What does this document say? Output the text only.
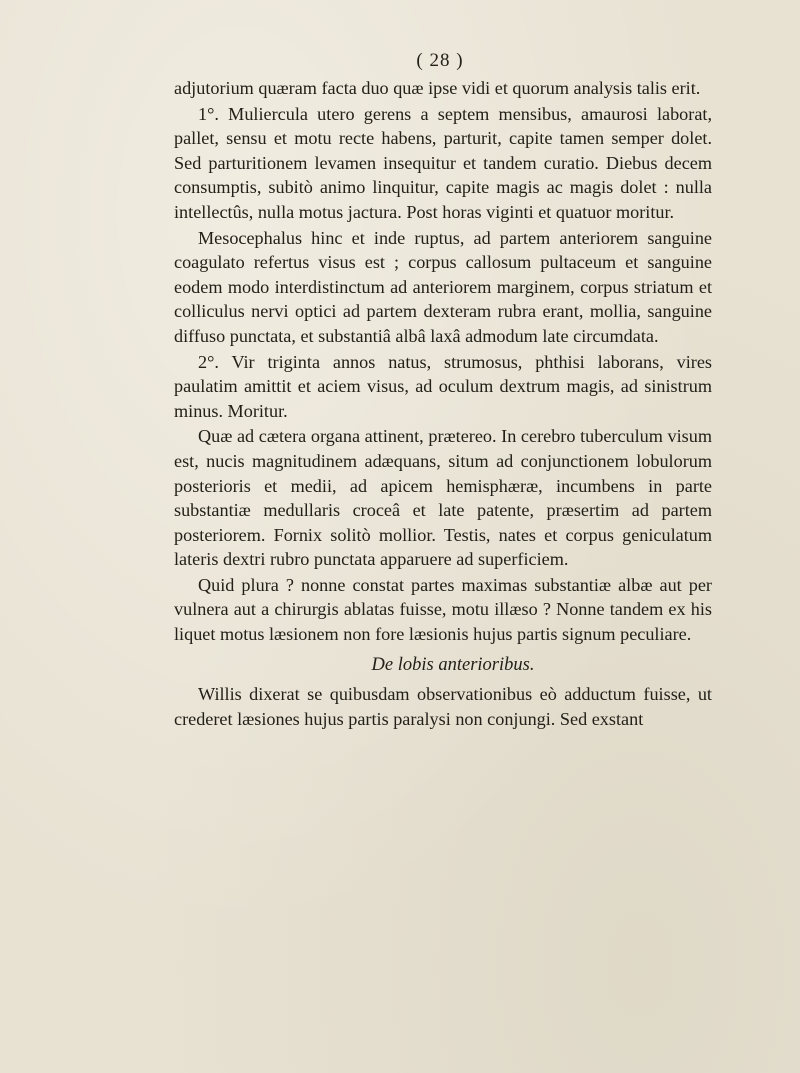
( 28 )

adjutorium quæram facta duo quæ ipse vidi et quorum analysis talis erit.

1°. Muliercula utero gerens a septem mensibus, amaurosi laborat, pallet, sensu et motu recte habens, parturit, capite tamen semper dolet. Sed parturitionem levamen insequitur et tandem curatio. Diebus decem consumptis, subitò animo linquitur, capite magis ac magis dolet : nulla intellectûs, nulla motus jactura. Post horas viginti et quatuor moritur.

Mesocephalus hinc et inde ruptus, ad partem anteriorem sanguine coagulato refertus visus est ; corpus callosum pultaceum et sanguine eodem modo interdistinctum ad anteriorem marginem, corpus striatum et colliculus nervi optici ad partem dexteram rubra erant, mollia, sanguine diffuso punctata, et substantiâ albâ laxâ admodum late circumdata.

2°. Vir triginta annos natus, strumosus, phthisi laborans, vires paulatim amittit et aciem visus, ad oculum dextrum magis, ad sinistrum minus. Moritur.

Quæ ad cætera organa attinent, prætereo. In cerebro tuberculum visum est, nucis magnitudinem adæquans, situm ad conjunctionem lobulorum posterioris et medii, ad apicem hemisphæræ, incumbens in parte substantiæ medullaris croceâ et late patente, præsertim ad partem posteriorem. Fornix solitò mollior. Testis, nates et corpus geniculatum lateris dextri rubro punctata apparuere ad superficiem.

Quid plura ? nonne constat partes maximas substantiæ albæ aut per vulnera aut a chirurgis ablatas fuisse, motu illæso ? Nonne tandem ex his liquet motus læsionem non fore læsionis hujus partis signum peculiare.

De lobis anterioribus.

Willis dixerat se quibusdam observationibus eò adductum fuisse, ut crederet læsiones hujus partis paralysi non conjungi. Sed exstant
